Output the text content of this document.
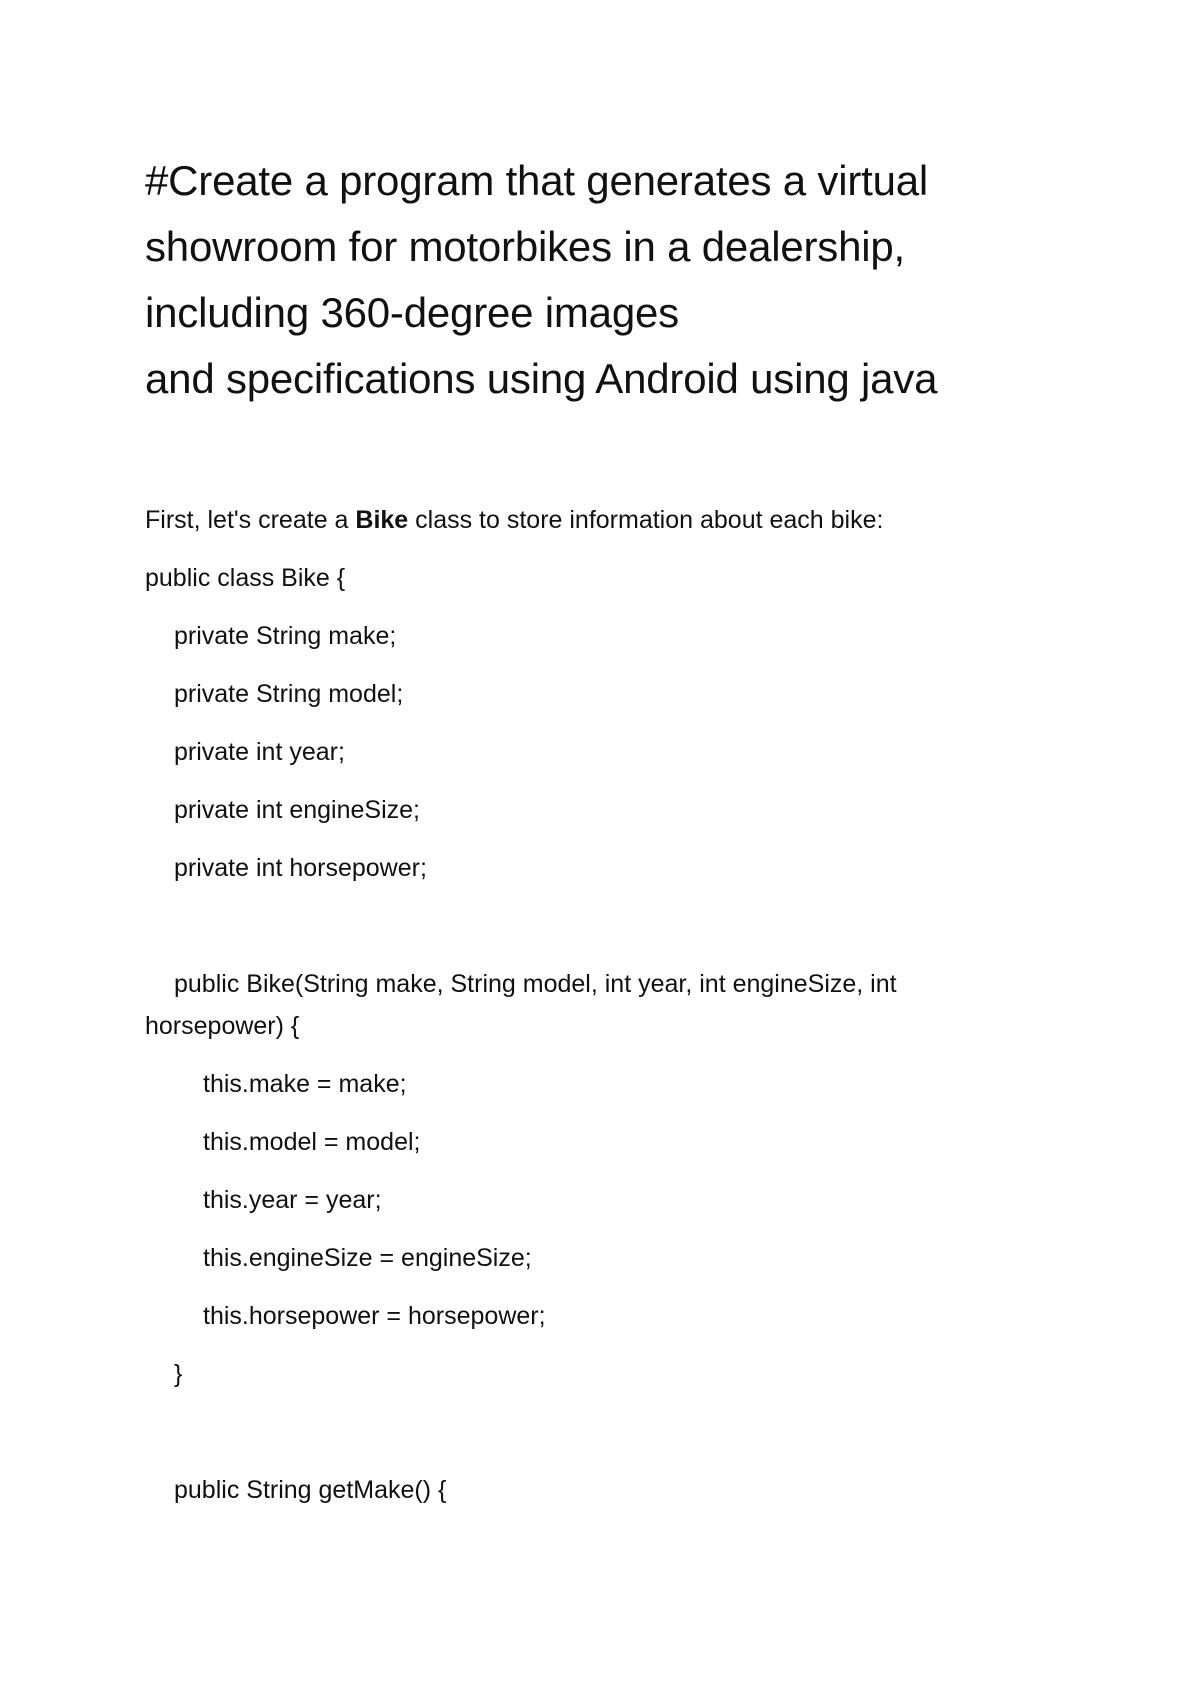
#Create a program that generates a virtual
showroom for motorbikes in a dealership,
including 360-degree images
and specifications using Android using java

First, let's create a Bike class to store information about each bike:

public class Bike {
private String make;
private String model;
private int year;
private int engineSize;
private int horsepower;
public Bike(String make, String model, int year, int engineSize, int
horsepower) {
this.make = make;
this.model = model;
this.year = year;
this.engineSize = engineSize;
this.horsepower = horsepower;
}
public String getMake() {
